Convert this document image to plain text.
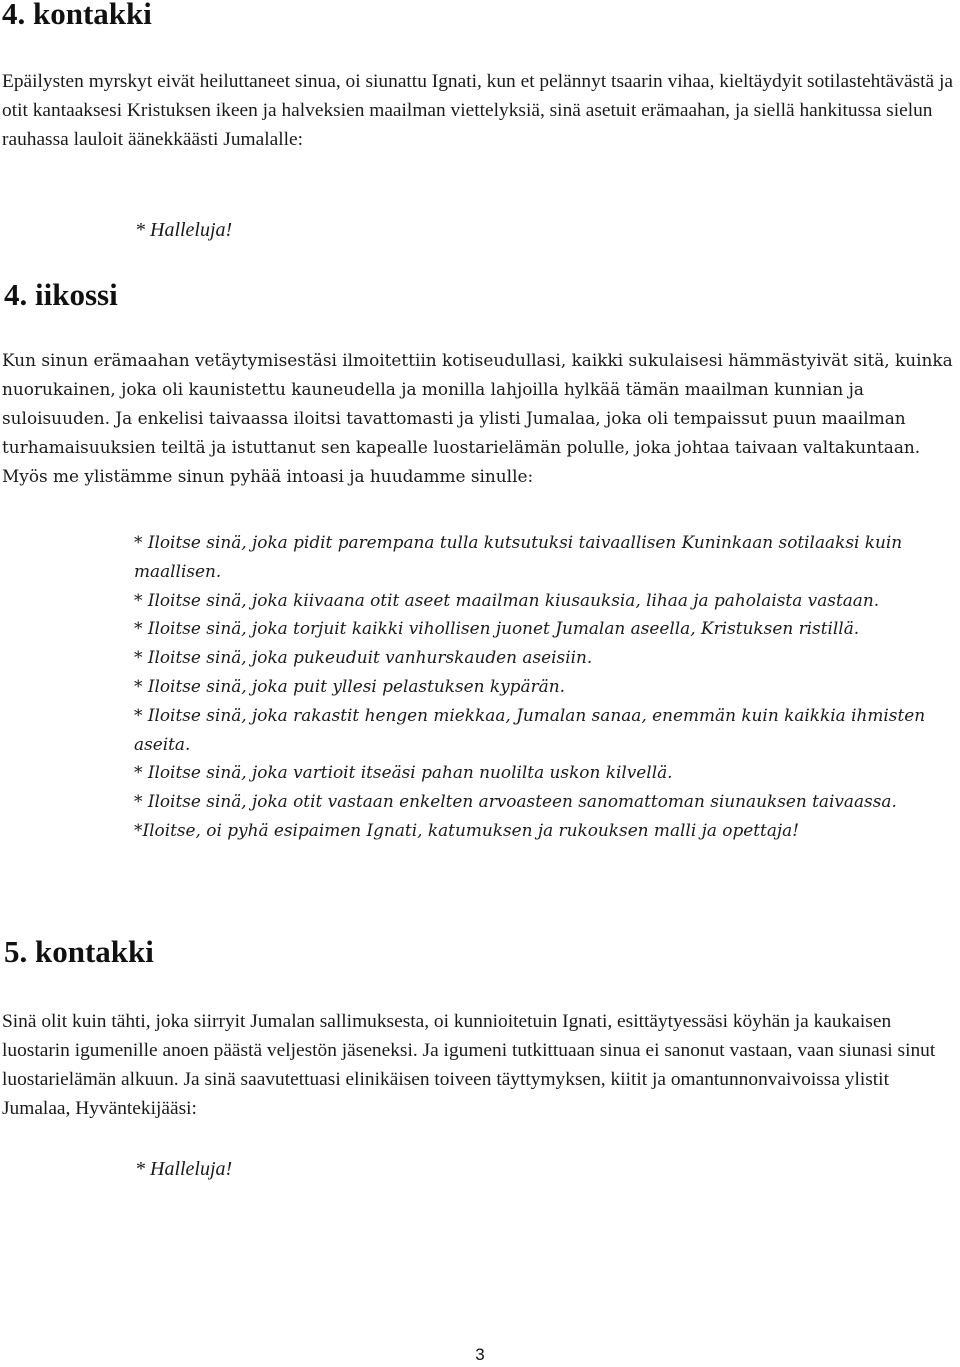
4. kontakki

Epäilysten myrskyt eivät heiluttaneet sinua, oi siunattu Ignati, kun et pelännyt tsaarin vihaa, kieltäydyit sotilastehtävästä ja otit kantaaksesi Kristuksen ikeen ja halveksien maailman viettelyksiä, sinä asetuit erämaahan, ja siellä hankitussa sielun rauhassa lauloit äänekkäästi Jumalalle:

* Halleluja!

4. iikossi

Kun sinun erämaahan vetäytymisestäsi ilmoitettiin kotiseudullasi, kaikki sukulaisesi hämmästyivät sitä, kuinka nuorukainen, joka oli kaunistettu kauneudella ja monilla lahjoilla hylkää tämän maailman kunnian ja suloisuuden. Ja enkelisi taivaassa iloitsi tavattomasti ja ylisti Jumalaa, joka oli tempaissut puun maailman turhamaisuuksien teiltä ja istuttanut sen kapealle luostarielämän polulle, joka johtaa taivaan valtakuntaan. Myös me ylistämme sinun pyhää intoasi ja huudamme sinulle:

* Iloitse sinä, joka pidit parempana tulla kutsutuksi taivaallisen Kuninkaan sotilaaksi kuin maallisen.
* Iloitse sinä, joka kiivaana otit aseet maailman kiusauksia, lihaa ja paholaista vastaan.
* Iloitse sinä, joka torjuit kaikki vihollisen juonet Jumalan aseella, Kristuksen ristillä.
* Iloitse sinä, joka pukeuduit vanhurskauden aseisiin.
* Iloitse sinä, joka puit yllesi pelastuksen kypärän.
* Iloitse sinä, joka rakastit hengen miekkaa, Jumalan sanaa, enemmän kuin kaikkia ihmisten aseita.
* Iloitse sinä, joka vartioit itseäsi pahan nuolilta uskon kilvellä.
* Iloitse sinä, joka otit vastaan enkelten arvoasteen sanomattoman siunauksen taivaassa.
*Iloitse, oi pyhä esipaimen Ignati, katumuksen ja rukouksen malli ja opettaja!
5. kontakki

Sinä olit kuin tähti, joka siirryit Jumalan sallimuksesta, oi kunnioitetuin Ignati, esittäytyessäsi köyhän ja kaukaisen luostarin igumenille anoen päästä veljestön jäseneksi. Ja igumeni tutkittuaan sinua ei sanonut vastaan, vaan siunasi sinut luostarielämän alkuun. Ja sinä saavutettuasi elinikäisen toiveen täyttymyksen, kiitit ja omantunnonvaivoissa ylistit Jumalaa, Hyväntekijääsi:

* Halleluja!

3
